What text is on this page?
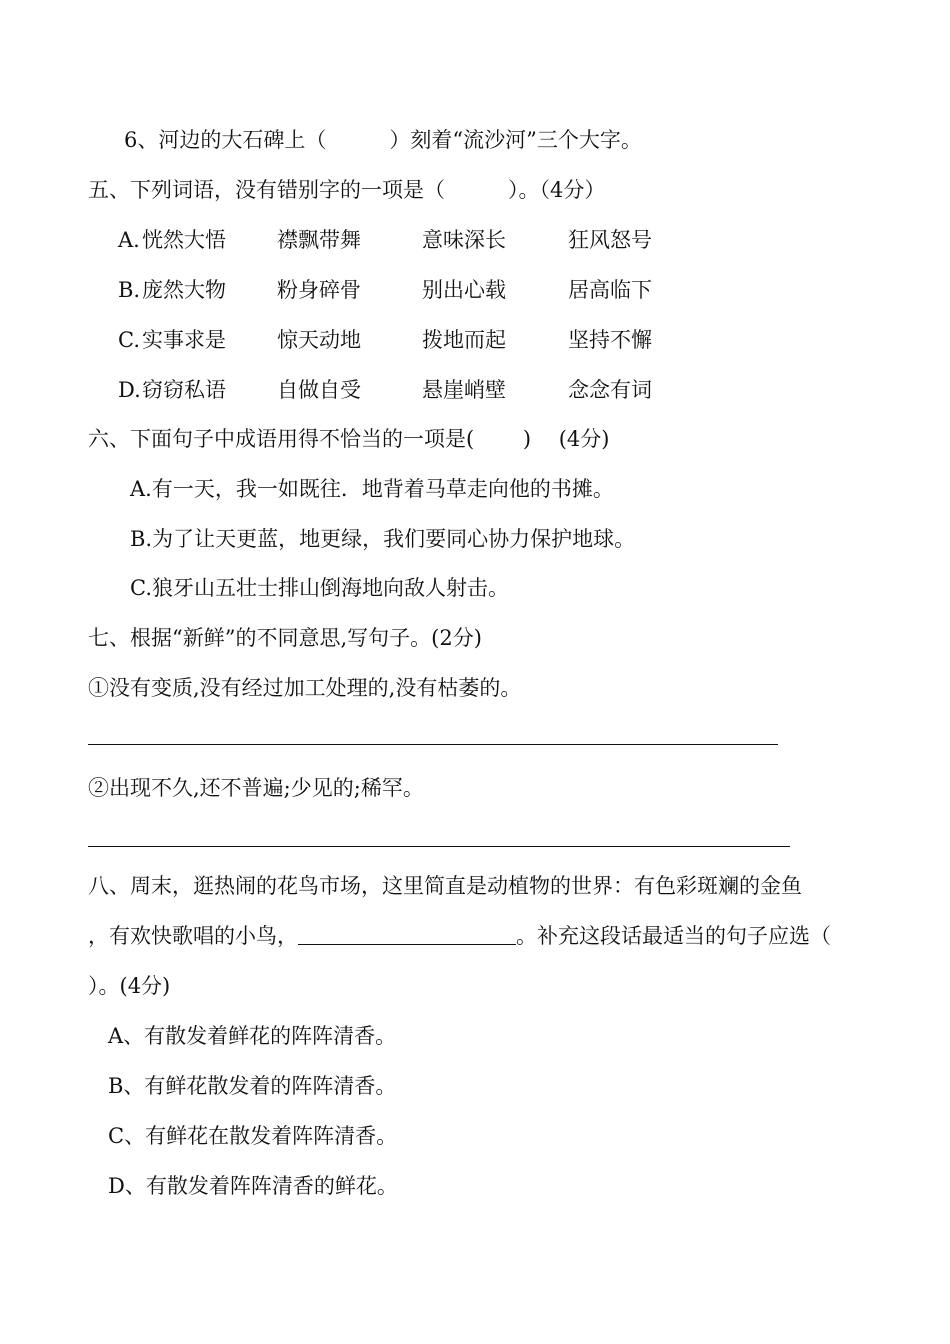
6、河边的大石碑上（　　　）刻着“流沙河”三个大字。
五、下列词语，没有错别字的一项是（　　　）。（4分）
A. 恍然大悟 襟飘带舞	意味深长	狂风怒号
B. 庞然大物 粉身碎骨	别出心载	居高临下
C. 实事求是 惊天动地	拨地而起	坚持不懈
D. 窃窃私语 自做自受	悬崖峭壁	念念有词
六、下面句子中成语用得不恰当的一项是(　　 )　 (4分)
A.有一天，我一如既往．地背着马草走向他的书摊。
B.为了让天更蓝，地更绿，我们要同心协力保护地球。
C.狼牙山五壮士排山倒海地向敌人射击。
七、根据“新鲜”的不同意思,写句子。(2分)
①没有变质,没有经过加工处理的,没有枯萎的。
②出现不久,还不普遍;少见的;稀罕。
八、周末，逛热闹的花鸟市场，这里简直是动植物的世界：有色彩斑斓的金鱼
，有欢快歌唱的小鸟，	。补充这段话最适当的句子应选（
）。(4分)
A、有散发着鲜花的阵阵清香。
B、有鲜花散发着的阵阵清香。
C、有鲜花在散发着阵阵清香。
D、有散发着阵阵清香的鲜花。
